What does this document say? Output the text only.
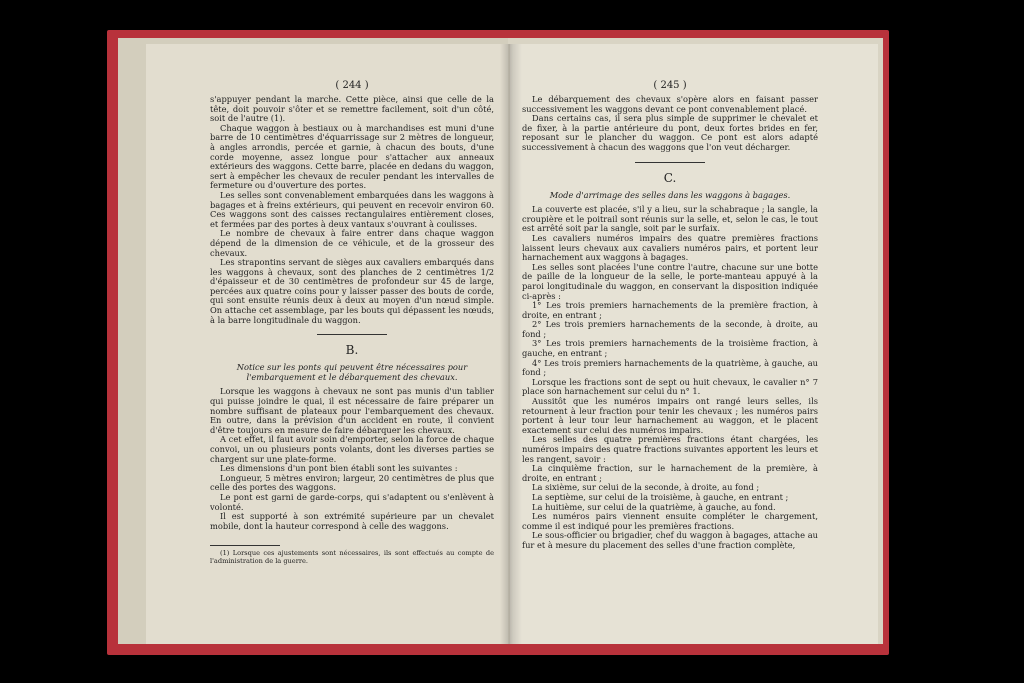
( 244 )

s'appuyer pendant la marche. Cette pièce, ainsi que celle de la tête, doit pouvoir s'ôter et se remettre facilement, soit d'un côté, soit de l'autre (1).

Chaque waggon à bestiaux ou à marchandises est muni d'une barre de 10 centimètres d'équarrissage sur 2 mètres de longueur, à angles arrondis, percée et garnie, à chacun des bouts, d'une corde moyenne, assez longue pour s'attacher aux anneaux extérieurs des waggons. Cette barre, placée en dedans du waggon, sert à empêcher les chevaux de reculer pendant les intervalles de fermeture ou d'ouverture des portes.

Les selles sont convenablement embarquées dans les waggons à bagages et à freins extérieurs, qui peuvent en recevoir environ 60. Ces waggons sont des caisses rectangulaires entièrement closes, et fermées par des portes à deux vantaux s'ouvrant à coulisses.

Le nombre de chevaux à faire entrer dans chaque waggon dépend de la dimension de ce véhicule, et de la grosseur des chevaux.

Les strapontins servant de sièges aux cavaliers embarqués dans les waggons à chevaux, sont des planches de 2 centimètres 1/2 d'épaisseur et de 30 centimètres de profondeur sur 45 de large, percées aux quatre coins pour y laisser passer des bouts de corde, qui sont ensuite réunis deux à deux au moyen d'un nœud simple. On attache cet assemblage, par les bouts qui dépassent les nœuds, à la barre longitudinale du waggon.

B.
Notice sur les ponts qui peuvent être nécessaires pour l'embarquement et le débarquement des chevaux.

Lorsque les waggons à chevaux ne sont pas munis d'un tablier qui puisse joindre le quai, il est nécessaire de faire préparer un nombre suffisant de plateaux pour l'embarquement des chevaux. En outre, dans la prévision d'un accident en route, il convient d'être toujours en mesure de faire débarquer les chevaux.

A cet effet, il faut avoir soin d'emporter, selon la force de chaque convoi, un ou plusieurs ponts volants, dont les diverses parties se chargent sur une plate-forme.

Les dimensions d'un pont bien établi sont les suivantes :

Longueur, 5 mètres environ; largeur, 20 centimètres de plus que celle des portes des waggons.

Le pont est garni de garde-corps, qui s'adaptent ou s'enlèvent à volonté.

Il est supporté à son extrémité supérieure par un chevalet mobile, dont la hauteur correspond à celle des waggons.

(1) Lorsque ces ajustements sont nécessaires, ils sont effectués au compte de l'administration de la guerre.

( 245 )

Le débarquement des chevaux s'opère alors en faisant passer successivement les waggons devant ce pont convenablement placé.

Dans certains cas, il sera plus simple de supprimer le chevalet et de fixer, à la partie antérieure du pont, deux fortes brides en fer, reposant sur le plancher du waggon. Ce pont est alors adapté successivement à chacun des waggons que l'on veut décharger.

C.
Mode d'arrimage des selles dans les waggons à bagages.

La couverte est placée, s'il y a lieu, sur la schabraque ; la sangle, la croupière et le poitrail sont réunis sur la selle, et, selon le cas, le tout est arrêté soit par la sangle, soit par le surfaix.

Les cavaliers numéros impairs des quatre premières fractions laissent leurs chevaux aux cavaliers numéros pairs, et portent leur harnachement aux waggons à bagages.

Les selles sont placées l'une contre l'autre, chacune sur une botte de paille de la longueur de la selle, le porte-manteau appuyé à la paroi longitudinale du waggon, en conservant la disposition indiquée ci-après :

1° Les trois premiers harnachements de la première fraction, à droite, en entrant ;

2° Les trois premiers harnachements de la seconde, à droite, au fond ;

3° Les trois premiers harnachements de la troisième fraction, à gauche, en entrant ;

4° Les trois premiers harnachements de la quatrième, à gauche, au fond ;

Lorsque les fractions sont de sept ou huit chevaux, le cavalier n° 7 place son harnachement sur celui du n° 1.

Aussitôt que les numéros impairs ont rangé leurs selles, ils retournent à leur fraction pour tenir les chevaux ; les numéros pairs portent à leur tour leur harnachement au waggon, et le placent exactement sur celui des numéros impairs.

Les selles des quatre premières fractions étant chargées, les numéros impairs des quatre fractions suivantes apportent les leurs et les rangent, savoir :

La cinquième fraction, sur le harnachement de la première, à droite, en entrant ;

La sixième, sur celui de la seconde, à droite, au fond ;

La septième, sur celui de la troisième, à gauche, en entrant ;

La huitième, sur celui de la quatrième, à gauche, au fond.

Les numéros pairs viennent ensuite compléter le chargement, comme il est indiqué pour les premières fractions.

Le sous-officier ou brigadier, chef du waggon à bagages, attache au fur et à mesure du placement des selles d'une fraction complète,
